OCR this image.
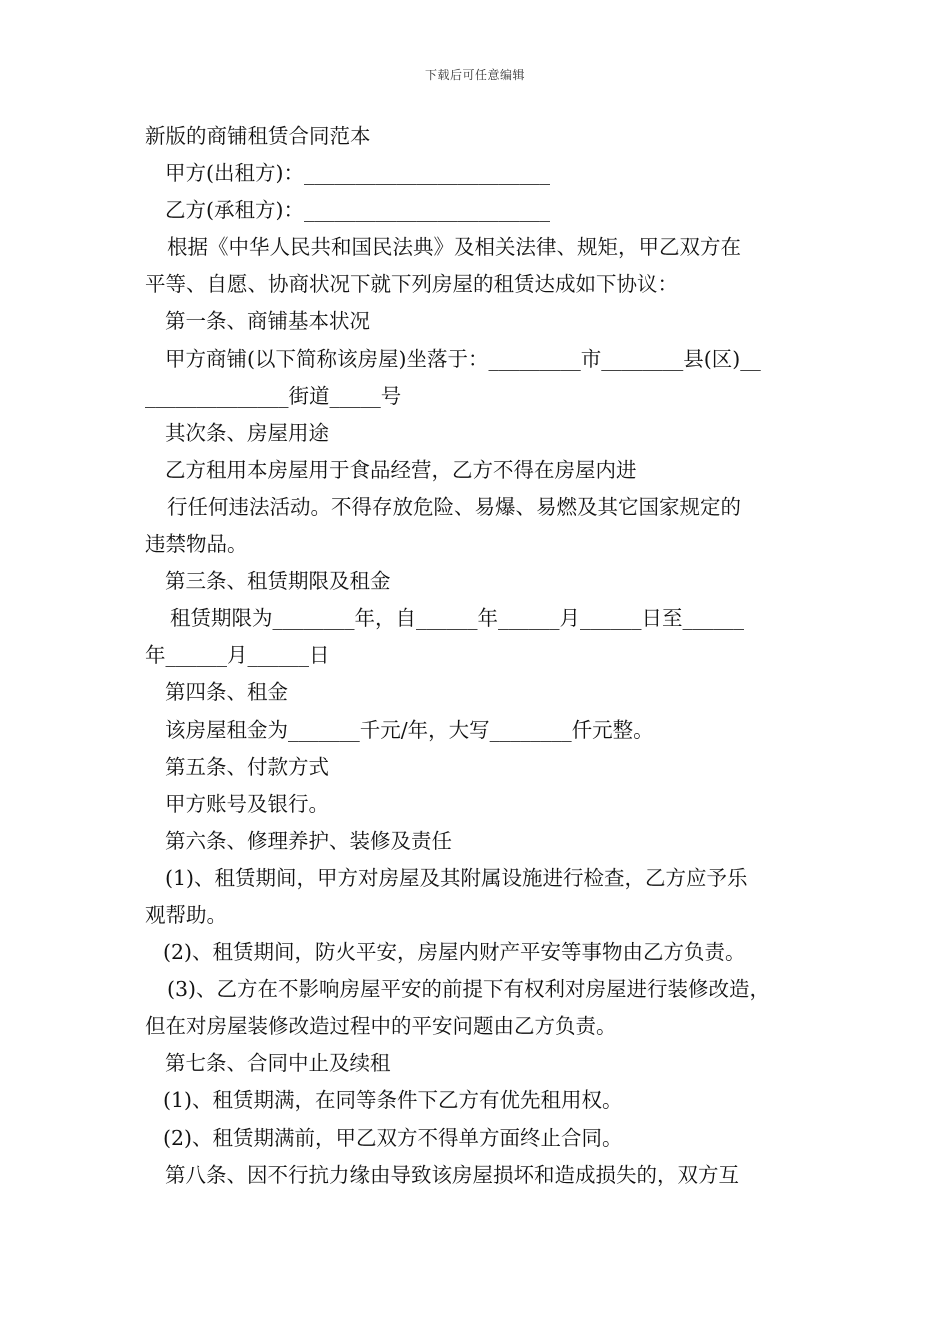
下载后可任意编辑
新版的商铺租赁合同范本
甲方(出租方)：________________________
乙方(承租方)：________________________
根据《中华人民共和国民法典》及相关法律、规矩，甲乙双方在
平等、自愿、协商状况下就下列房屋的租赁达成如下协议：
第一条、商铺基本状况
甲方商铺(以下简称该房屋)坐落于：_________市________县(区)__
______________街道_____号
其次条、房屋用途
乙方租用本房屋用于食品经营，乙方不得在房屋内进
行任何违法活动。不得存放危险、易爆、易燃及其它国家规定的
违禁物品。
第三条、租赁期限及租金
租赁期限为________年，自______年______月______日至______
年______月______日
第四条、租金
该房屋租金为_______千元/年，大写________仟元整。
第五条、付款方式
甲方账号及银行。
第六条、修理养护、装修及责任
(1)、租赁期间，甲方对房屋及其附属设施进行检查，乙方应予乐
观帮助。
(2)、租赁期间，防火平安，房屋内财产平安等事物由乙方负责。
(3)、乙方在不影响房屋平安的前提下有权利对房屋进行装修改造，
但在对房屋装修改造过程中的平安问题由乙方负责。
第七条、合同中止及续租
(1)、租赁期满，在同等条件下乙方有优先租用权。
(2)、租赁期满前，甲乙双方不得单方面终止合同。
第八条、因不行抗力缘由导致该房屋损坏和造成损失的，双方互
